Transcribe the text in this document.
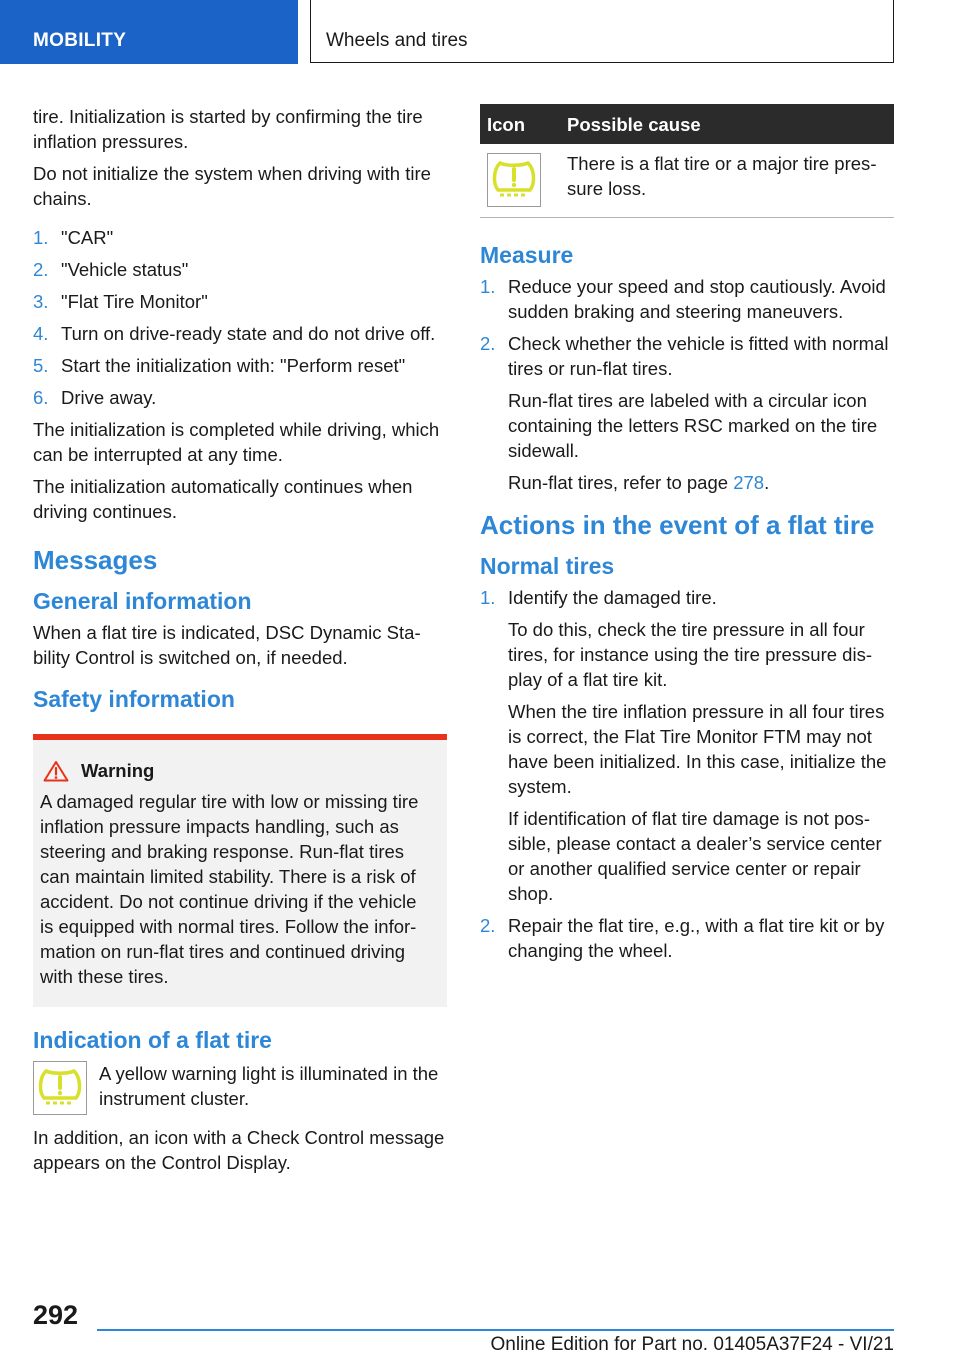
MOBILITY	Wheels and tires

tire. Initialization is started by confirming the tire inflation pressures.

Do not initialize the system when driving with tire chains.

1. "CAR"
2. "Vehicle status"
3. "Flat Tire Monitor"
4. Turn on drive-ready state and do not drive off.
5. Start the initialization with: "Perform reset"
6. Drive away.

The initialization is completed while driving, which can be interrupted at any time.

The initialization automatically continues when driving continues.

Messages
General information

When a flat tire is indicated, DSC Dynamic Stability Control is switched on, if needed.

Safety information
Warning

A damaged regular tire with low or missing tire inflation pressure impacts handling, such as steering and braking response. Run-flat tires can maintain limited stability. There is a risk of accident. Do not continue driving if the vehicle is equipped with normal tires. Follow the information on run-flat tires and continued driving with these tires.

Indication of a flat tire
A yellow warning light is illuminated in the instrument cluster.

In addition, an icon with a Check Control message appears on the Control Display.

Icon	Possible cause

	There is a flat tire or a major tire pressure loss.
Measure
1. Reduce your speed and stop cautiously. Avoid sudden braking and steering maneuvers.
2. Check whether the vehicle is fitted with normal tires or run-flat tires.

Run-flat tires are labeled with a circular icon containing the letters RSC marked on the tire sidewall.

Run-flat tires, refer to page 278.

Actions in the event of a flat tire
Normal tires
1. Identify the damaged tire.

To do this, check the tire pressure in all four tires, for instance using the tire pressure display of a flat tire kit.

When the tire inflation pressure in all four tires is correct, the Flat Tire Monitor FTM may not have been initialized. In this case, initialize the system.

If identification of flat tire damage is not possible, please contact a dealer’s service center or another qualified service center or repair shop.

2. Repair the flat tire, e.g., with a flat tire kit or by changing the wheel.
292
Online Edition for Part no. 01405A37F24 - VI/21
